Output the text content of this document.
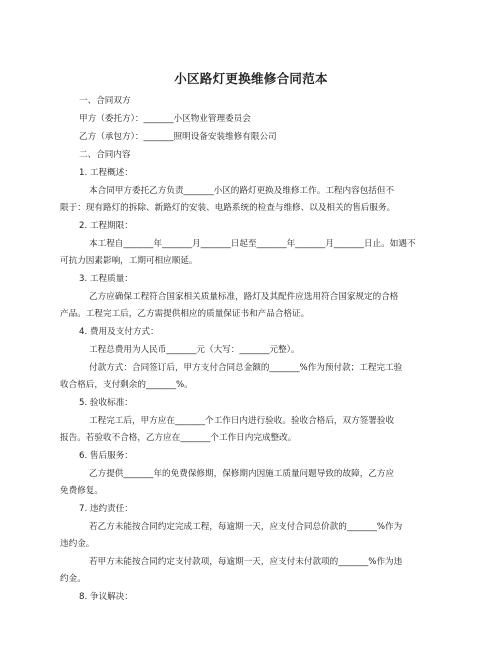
小区路灯更换维修合同范本
一、合同双方
甲方（委托方）：_______小区物业管理委员会
乙方（承包方）：_______照明设备安装维修有限公司
二、合同内容
1. 工程概述：
本合同甲方委托乙方负责_______小区的路灯更换及维修工作。工程内容包括但不
限于：现有路灯的拆除、新路灯的安装、电路系统的检查与维修、以及相关的售后服务。
2. 工程期限：
本工程自_______年_______月_______日起至_______年_______月_______日止。如遇不
可抗力因素影响，工期可相应顺延。
3. 工程质量：
乙方应确保工程符合国家相关质量标准，路灯及其配件应选用符合国家规定的合格
产品。工程完工后，乙方需提供相应的质量保证书和产品合格证。
4. 费用及支付方式：
工程总费用为人民币_______元（大写：_______元整）。
付款方式：合同签订后，甲方支付合同总金额的_______%作为预付款；工程完工验
收合格后，支付剩余的_______%。
5. 验收标准：
工程完工后，甲方应在_______个工作日内进行验收。验收合格后，双方签署验收
报告。若验收不合格，乙方应在_______个工作日内完成整改。
6. 售后服务：
乙方提供_______年的免费保修期，保修期内因施工质量问题导致的故障，乙方应
免费修复。
7. 违约责任：
若乙方未能按合同约定完成工程，每逾期一天，应支付合同总价款的_______%作为
违约金。
若甲方未能按合同约定支付款项，每逾期一天，应支付未付款项的_______%作为违
约金。
8. 争议解决：
